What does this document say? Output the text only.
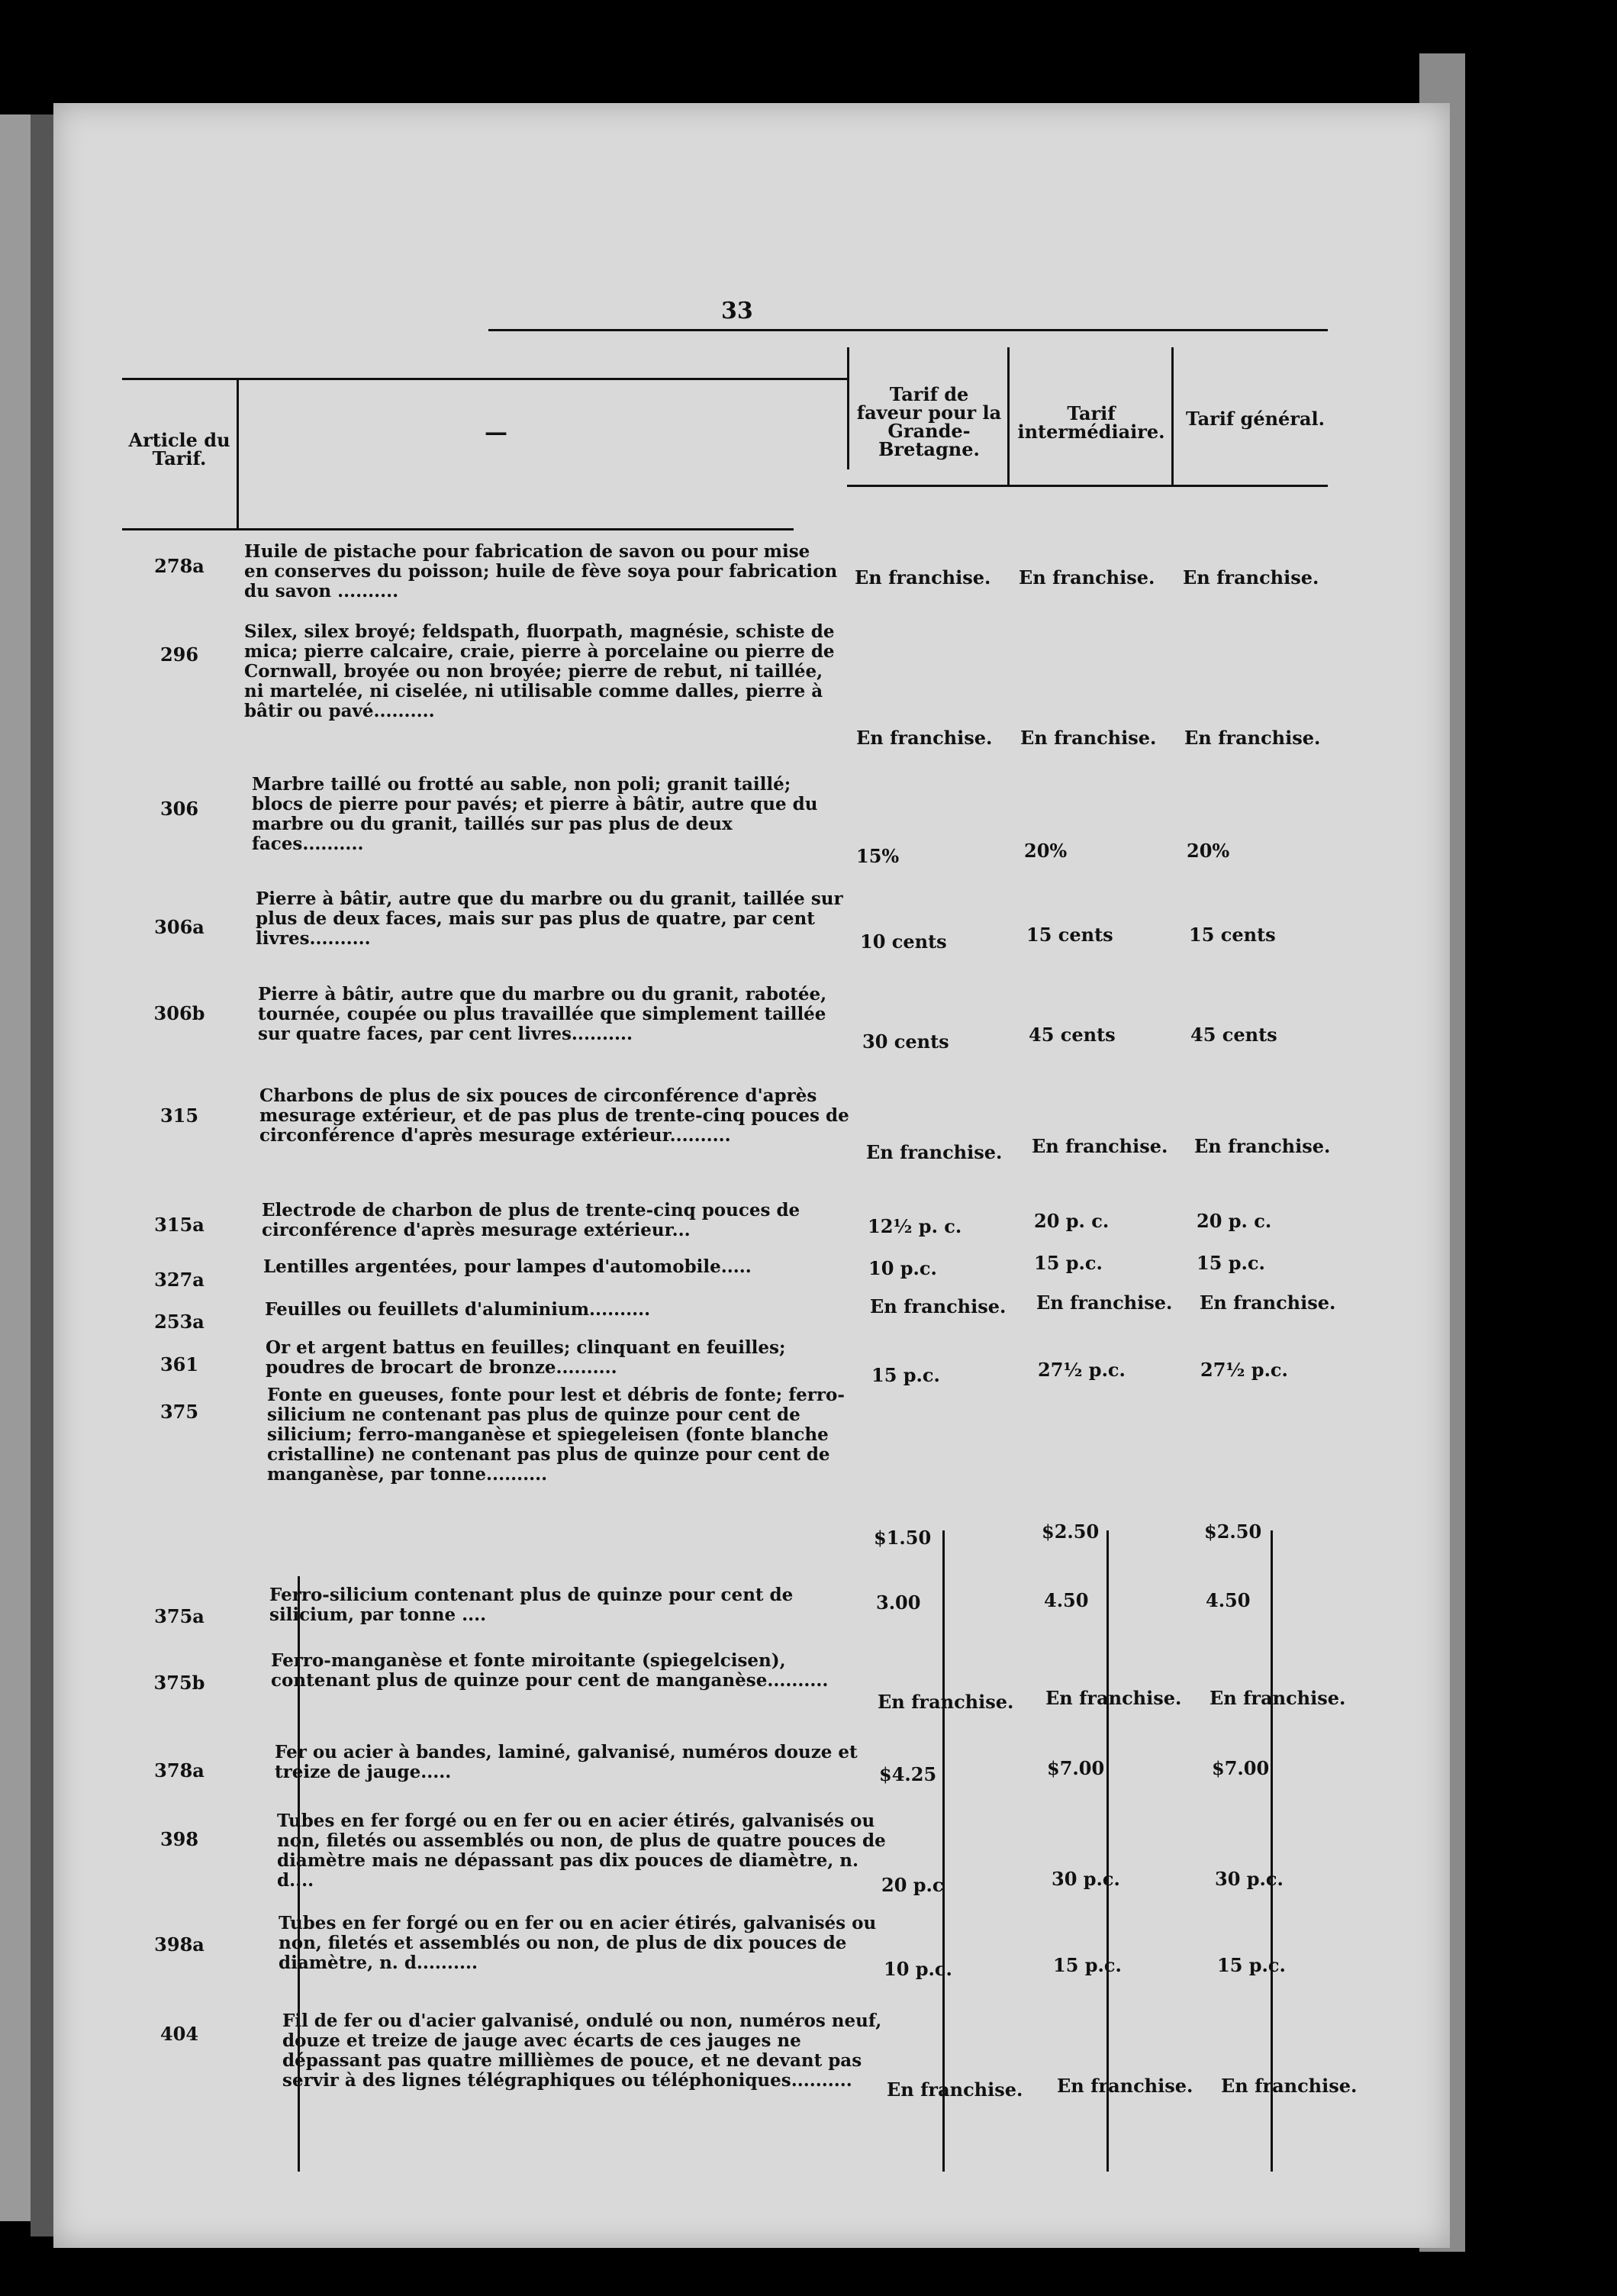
33
Article du Tarif.
—
Tarif de faveur pour la Grande-Bretagne.
Tarif intermédiaire.
Tarif général.
278a
Huile de pistache pour fabrication de savon ou pour mise en conserves du poisson; huile de fève soya pour fabrication du savon ..........
En franchise. En franchise. En franchise.
296
Silex, silex broyé; feldspath, fluorpath, magnésie, schiste de mica; pierre calcaire, craie, pierre à porcelaine ou pierre de Cornwall, broyée ou non broyée; pierre de rebut, ni taillée, ni martelée, ni ciselée, ni utilisable comme dalles, pierre à bâtir ou pavé..........
En franchise. En franchise. En franchise.
306
Marbre taillé ou frotté au sable, non poli; granit taillé; blocs de pierre pour pavés; et pierre à bâtir, autre que du marbre ou du granit, taillés sur pas plus de deux faces..........
15%	20%	20%
306a
Pierre à bâtir, autre que du marbre ou du granit, taillée sur plus de deux faces, mais sur pas plus de quatre, par cent livres..........	10 cents	15 cents	15 cents
306b
Pierre à bâtir, autre que du marbre ou du granit, rabotée, tournée, coupée ou plus travaillée que simplement taillée sur quatre faces, par cent livres..........	30 cents	45 cents	45 cents
315
Charbons de plus de six pouces de circonférence d'après mesurage extérieur, et de pas plus de trente-cinq pouces de circonférence d'après mesurage extérieur..........
En franchise. En franchise. En franchise.
315a
Electrode de charbon de plus de trente-cinq pouces de circonférence d'après mesurage extérieur...	12½ p. c.	20 p. c.	20 p. c.
327a
Lentilles argentées, pour lampes d'automobile.....	10 p.c.	15 p.c.	15 p.c.
253a
Feuilles ou feuillets d'aluminium..........	En franchise. En franchise. En franchise.
361
Or et argent battus en feuilles; clinquant en feuilles; poudres de brocart de bronze..........	15 p.c.	27½ p.c.	27½ p.c.
375
Fonte en gueuses, fonte pour lest et débris de fonte; ferro-silicium ne contenant pas plus de quinze pour cent de silicium; ferro-manganèse et spiegeleisen (fonte blanche cristalline) ne contenant pas plus de quinze pour cent de manganèse, par tonne..........
$1.50	$2.50	$2.50
375a
Ferro-silicium contenant plus de quinze pour cent de silicium, par tonne ....
3.00	4.50	4.50
375b
Ferro-manganèse et fonte miroitante (spiegelcisen), contenant plus de quinze pour cent de manganèse..........
En franchise. En franchise. En franchise.
378a
Fer ou acier à bandes, laminé, galvanisé, numéros douze et treize de jauge.....	$4.25	$7.00	$7.00
398
Tubes en fer forgé ou en fer ou en acier étirés, galvanisés ou non, filetés ou assemblés ou non, de plus de quatre pouces de diamètre mais ne dépassant pas dix pouces de diamètre, n. d....	20 p.c	30 p.c.	30 p.c.
398a
Tubes en fer forgé ou en fer ou en acier étirés, galvanisés ou non, filetés et assemblés ou non, de plus de dix pouces de diamètre, n. d..........	10 p.c.	15 p.c.	15 p.c.
404
Fil de fer ou d'acier galvanisé, ondulé ou non, numéros neuf, douze et treize de jauge avec écarts de ces jauges ne dépassant pas quatre millièmes de pouce, et ne devant pas servir à des lignes télégraphiques ou téléphoniques..........	En franchise. En franchise. En franchise.
